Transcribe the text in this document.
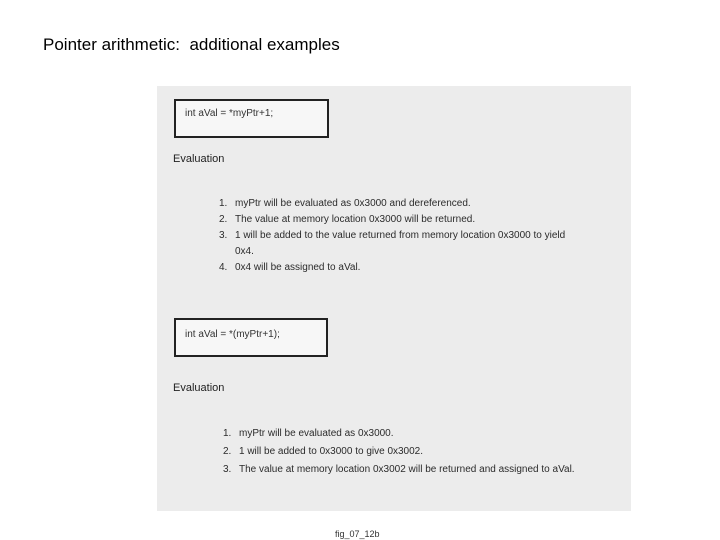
Pointer arithmetic:  additional examples
int aVal = *myPtr+1;
Evaluation
1. myPtr will be evaluated as 0x3000 and dereferenced.
2. The value at memory location 0x3000 will be returned.
3. 1 will be added to the value returned from memory location 0x3000 to yield 0x4.
4. 0x4 will be assigned to aVal.
int aVal = *(myPtr+1);
Evaluation
1. myPtr will be evaluated as 0x3000.
2. 1 will be added to 0x3000 to give 0x3002.
3. The value at memory location 0x3002 will be returned and assigned to aVal.
fig_07_12b
